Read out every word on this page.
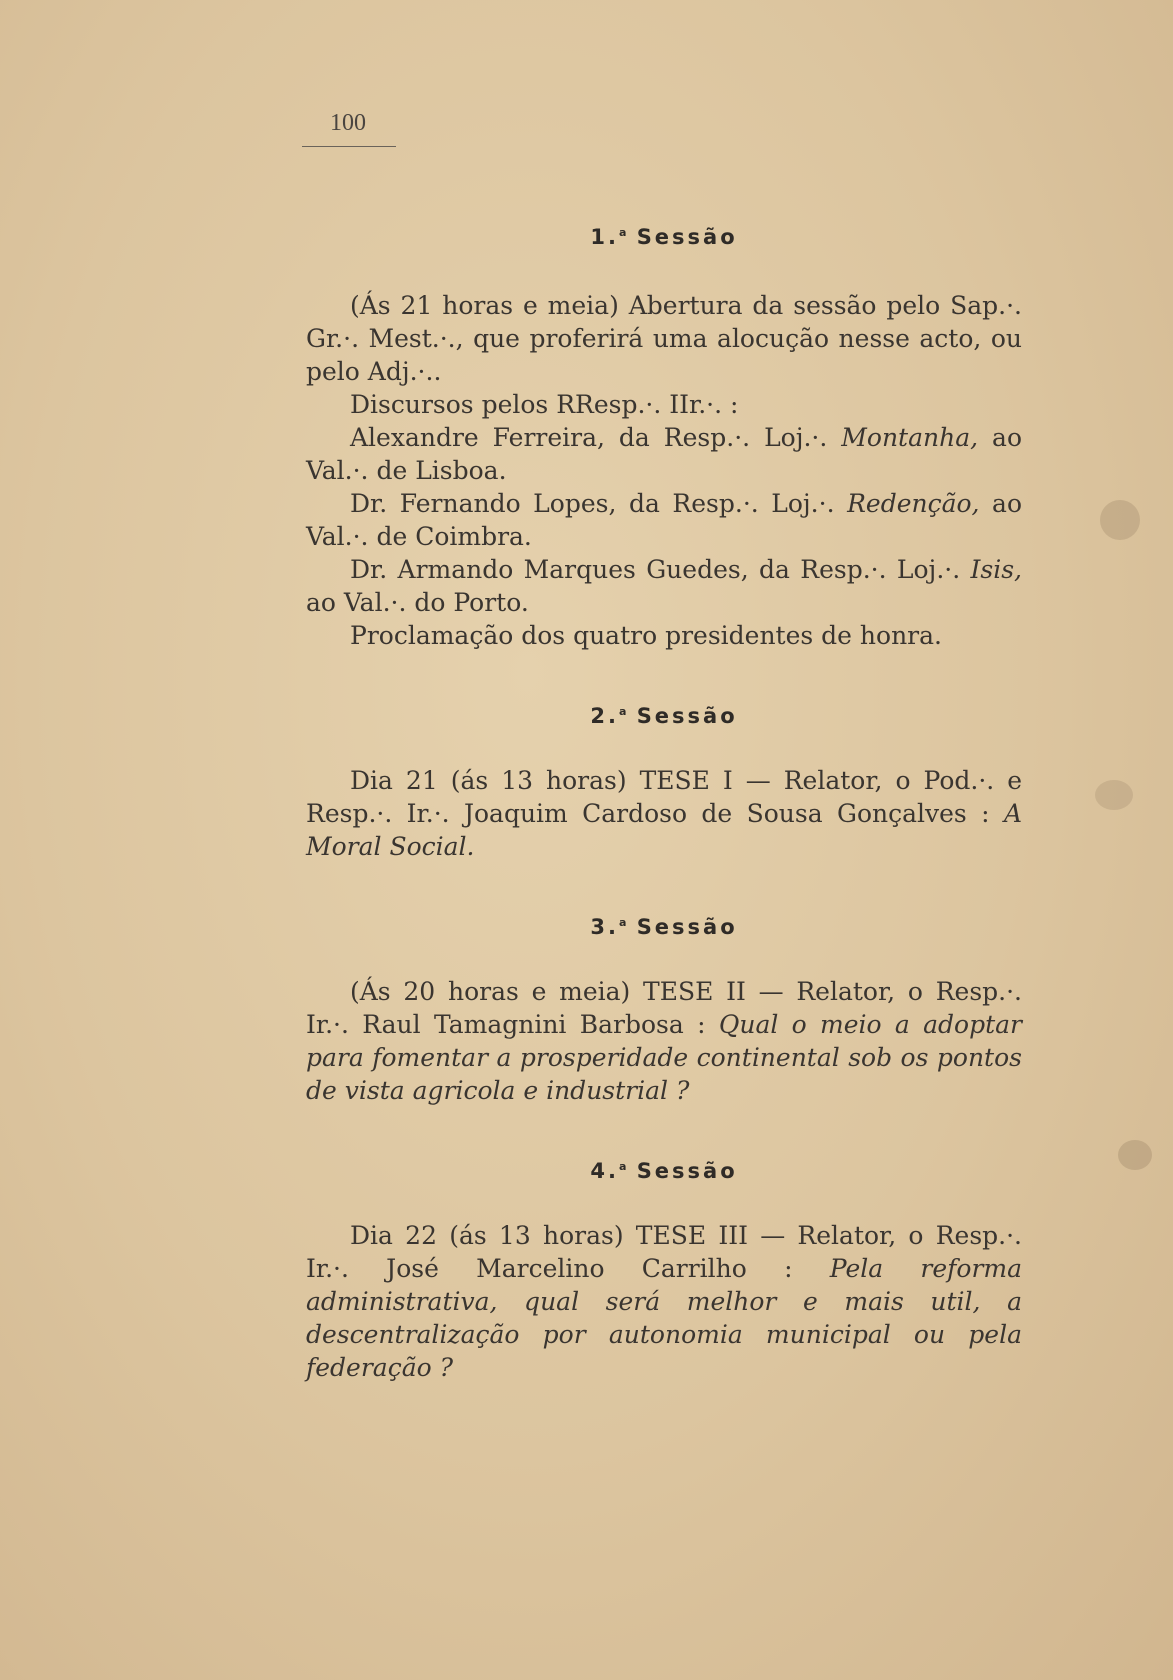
100
1.$^a$ Sessão

(Ás 21 horas e meia) Abertura da sessão pelo Sap.·. Gr.·. Mest.·., que proferirá uma alocução nesse acto, ou pelo Adj.·..

Discursos pelos RResp.·. IIr.·. :

Alexandre Ferreira, da Resp.·. Loj.·. Montanha, ao Val.·. de Lisboa.

Dr. Fernando Lopes, da Resp.·. Loj.·. Redenção, ao Val.·. de Coimbra.

Dr. Armando Marques Guedes, da Resp.·. Loj.·. Isis, ao Val.·. do Porto.

Proclamação dos quatro presidentes de honra.

2.$^a$ Sessão

Dia 21 (ás 13 horas) TESE I — Relator, o Pod.·. e Resp.·. Ir.·. Joaquim Cardoso de Sousa Gonçalves : A Moral Social.

3.$^a$ Sessão

(Ás 20 horas e meia) TESE II — Relator, o Resp.·. Ir.·. Raul Tamagnini Barbosa : Qual o meio a adoptar para fomentar a prosperidade continental sob os pontos de vista agricola e industrial ?

4.$^a$ Sessão

Dia 22 (ás 13 horas) TESE III — Relator, o Resp.·. Ir.·. José Marcelino Carrilho : Pela reforma administrativa, qual será melhor e mais util, a descentralização por autonomia municipal ou pela federação ?
